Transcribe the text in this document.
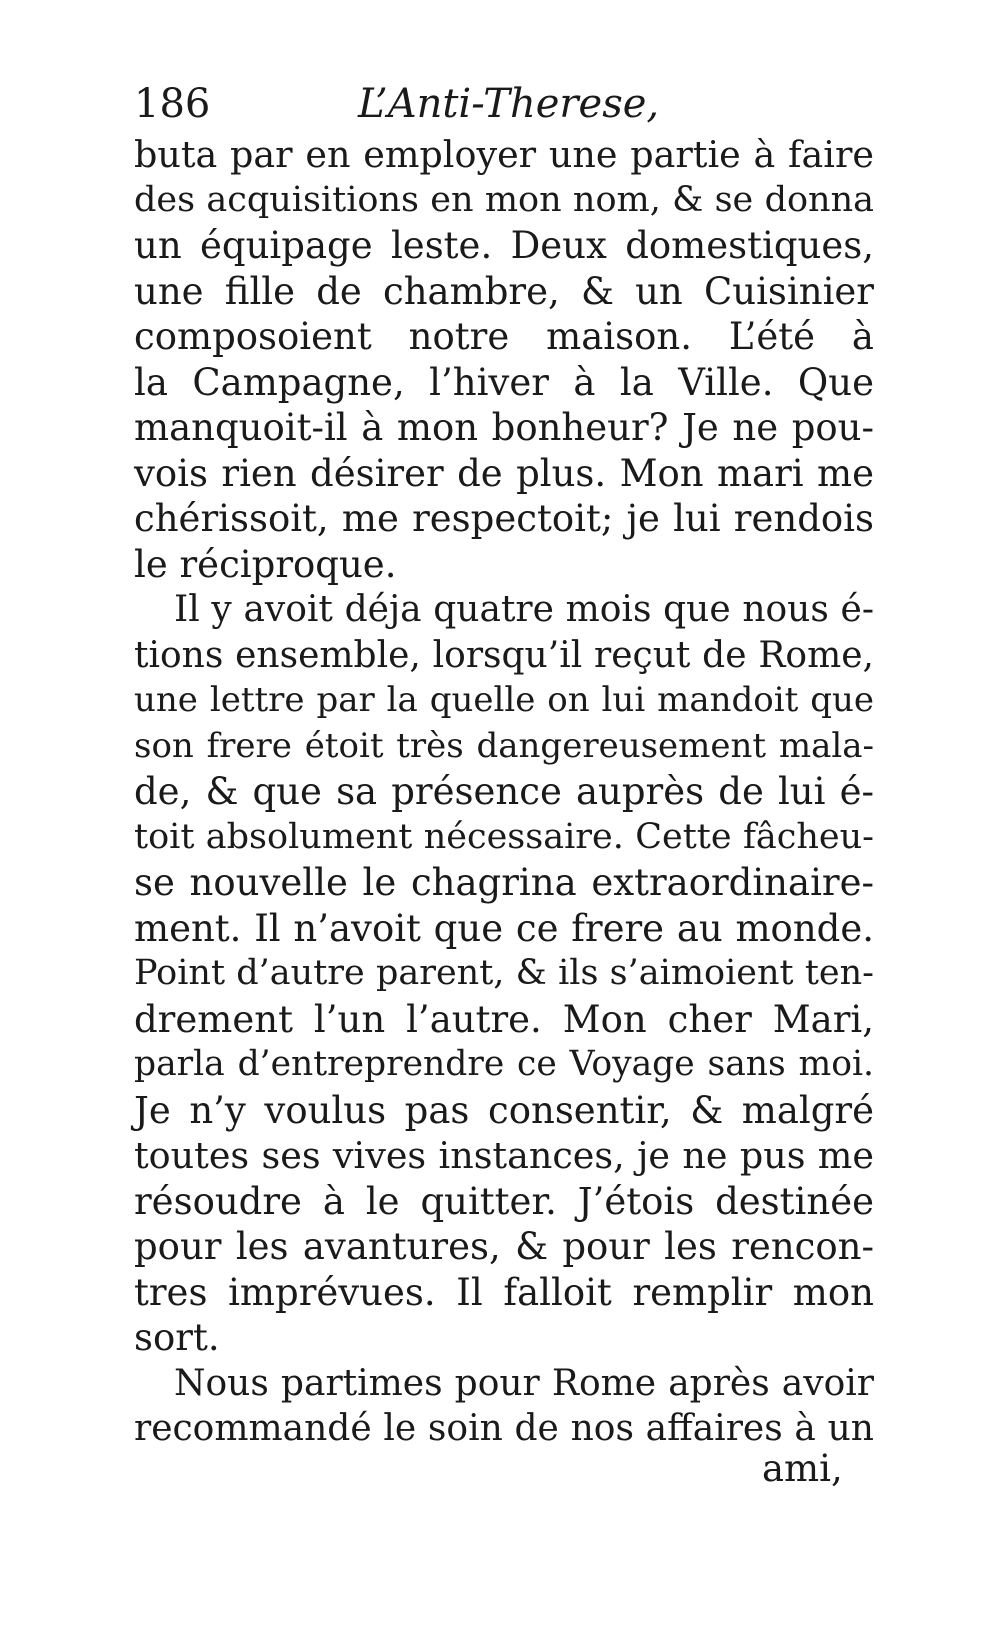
186	L’Anti-Therese,
buta par en employer une partie à faire
des acquisitions en mon nom, & se donna
un équipage leste. Deux domestiques,
une fille de chambre, & un Cuisinier
composoient notre maison. L’été à
la Campagne, l’hiver à la Ville. Que
manquoit-il à mon bonheur? Je ne pou-
vois rien désirer de plus. Mon mari me
chérissoit, me respectoit; je lui rendois
le réciproque.
Il y avoit déja quatre mois que nous é-
tions ensemble, lorsqu’il reçut de Rome,
une lettre par la quelle on lui mandoit que
son frere étoit très dangereusement mala-
de, & que sa présence auprès de lui é-
toit absolument nécessaire. Cette fâcheu-
se nouvelle le chagrina extraordinaire-
ment. Il n’avoit que ce frere au monde.
Point d’autre parent, & ils s’aimoient ten-
drement l’un l’autre. Mon cher Mari,
parla d’entreprendre ce Voyage sans moi.
Je n’y voulus pas consentir, & malgré
toutes ses vives instances, je ne pus me
résoudre à le quitter. J’étois destinée
pour les avantures, & pour les rencon-
tres imprévues. Il falloit remplir mon
sort.
Nous partimes pour Rome après avoir
recommandé le soin de nos affaires à un
ami,
